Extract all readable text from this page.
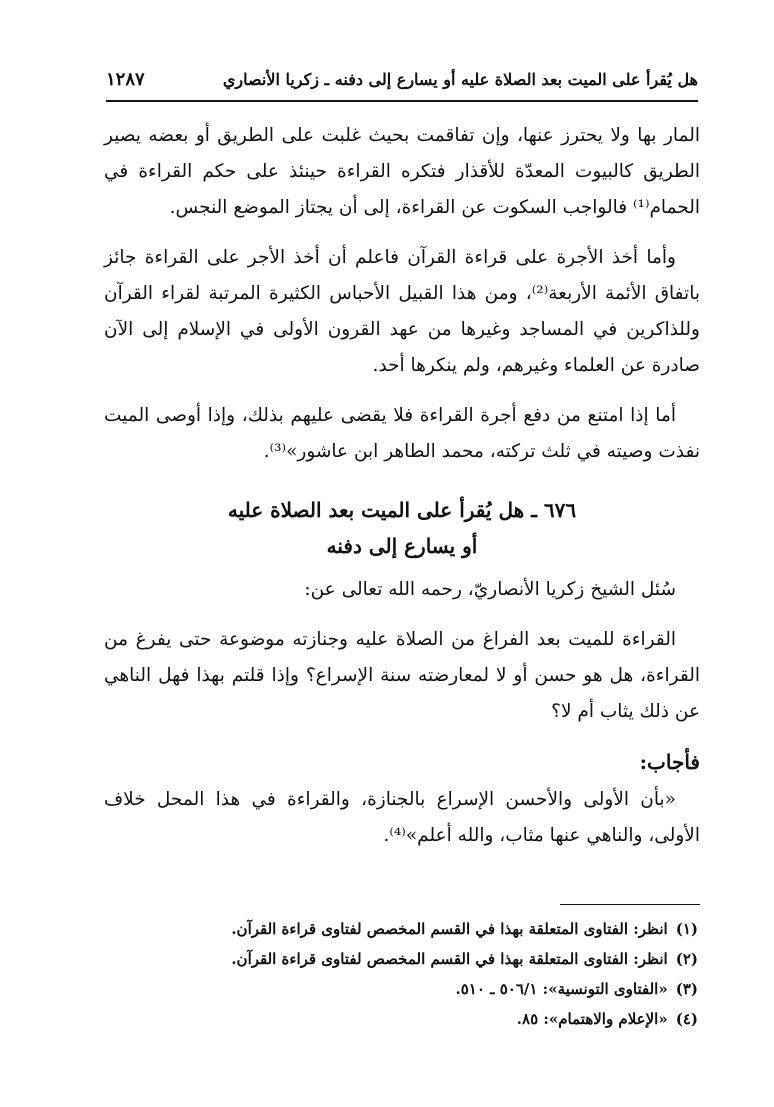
هل يُقرأ على الميت بعد الصلاة عليه أو يسارع إلى دفنه ـ زكريا الأنصاري
١٢٨٧

المار بها ولا يحترز عنها، وإن تفاقمت بحيث غلبت على الطريق أو بعضه يصير الطريق كالبيوت المعدّة للأقذار فتكره القراءة حينئذ على حكم القراءة في الحمام⁽¹⁾ فالواجب السكوت عن القراءة، إلى أن يجتاز الموضع النجس.

وأما أخذ الأجرة على قراءة القرآن فاعلم أن أخذ الأجر على القراءة جائز باتفاق الأئمة الأربعة⁽²⁾، ومن هذا القبيل الأحباس الكثيرة المرتبة لقراء القرآن وللذاكرين في المساجد وغيرها من عهد القرون الأولى في الإسلام إلى الآن صادرة عن العلماء وغيرهم، ولم ينكرها أحد.

أما إذا امتنع من دفع أجرة القراءة فلا يقضى عليهم بذلك، وإذا أوصى الميت نفذت وصيته في ثلث تركته، محمد الطاهر ابن عاشور»⁽³⁾.

٦٧٦ ـ هل يُقرأ على الميت بعد الصلاة عليه
أو يسارع إلى دفنه

سُئل الشيخ زكريا الأنصاريّ، رحمه الله تعالى عن:

القراءة للميت بعد الفراغ من الصلاة عليه وجنازته موضوعة حتى يفرغ من القراءة، هل هو حسن أو لا لمعارضته سنة الإسراع؟ وإذا قلتم بهذا فهل الناهي عن ذلك يثاب أم لا؟

فأجاب:

«بأن الأولى والأحسن الإسراع بالجنازة، والقراءة في هذا المحل خلاف الأولى، والناهي عنها مثاب، والله أعلم»⁽⁴⁾.

(١)
انظر: الفتاوى المتعلقة بهذا في القسم المخصص لفتاوى قراءة القرآن.
(٢)
انظر: الفتاوى المتعلقة بهذا في القسم المخصص لفتاوى قراءة القرآن.
(٣)
«الفتاوى التونسية»: ٥٠٦/١ ـ ٥١٠.
(٤)
«الإعلام والاهتمام»: ٨٥.
